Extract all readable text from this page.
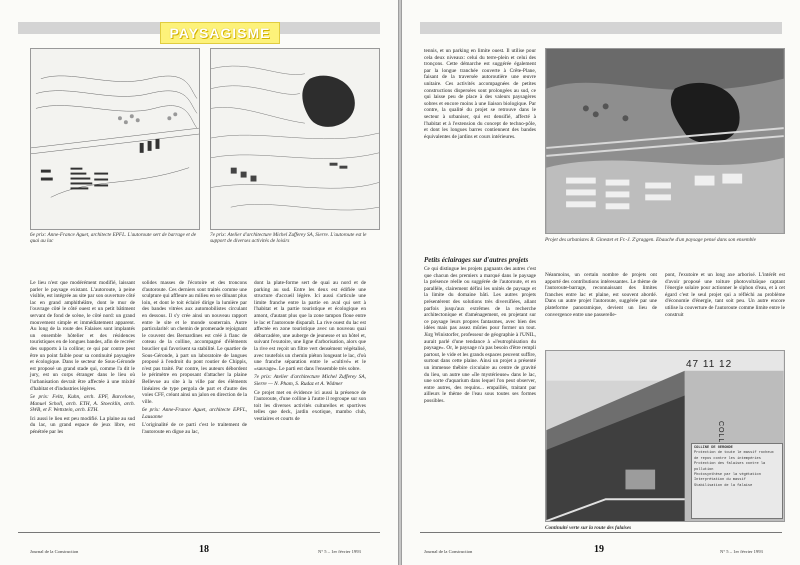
PAYSAGISME
6e prix: Anne-France Aguet, architecte EPFL. L'autoroute sert de barrage et de quai au lac
7e prix: Atelier d'architecture Michel Zufferey SA, Sierre. L'autoroute est le support de diverses activités de loisirs

Le lieu n'est que modérément modifié, laissant parler le paysage existant. L'autoroute, à peine visible, est intégrée au site par son ouverture côté lac en grand amphithéâtre, dont le mur de l'ouvrage côté le côté ouest et un petit bâtiment servant de fond de scène, le côté nord: un grand mouvement simple et immédiatement apparent. Au long de la route des Falaises sont implantés un ensemble hôtelier et des résidences touristiques en de longues bandes, afin de recréer des supports à la colline; ce qui par contre peut être un point faible pour sa continuité paysagère et écologique. Dans le secteur de Sous-Géronde est proposé un grand stade qui, comme l'a dit le jury, est un corps étranger dans le lieu où l'urbanisation devrait être affectée à une mixité d'habitat et d'industries légères.

5e prix: Feltz, Kuhn, arch. EPF, Barcelone, Manuel Scholl, arch. ETH, A. Stoecklin, arch. SWB, et F. Wettstein, arch. ETH.

Ici aussi le lieu est peu modifié. La plaine au sud du lac, un grand espace de jeux libre, est pénétrée par les

solides masses de l'écotoire et des troncons d'autoroute. Ces derniers sont traités comme une sculpture qui affleure au milieu en se diluant plus loin, et dont le toit éclairé dirige la lumière par des bandes vitrées aux automobilistes circulant en dessous. Il s'y crée ainsi un nouveau rapport entre le site et le monde souterrain. Autre particularité: un chemin de promenade rejoignant le couvent des Bernardines est créé à flanc de coteau de la colline, accompagné d'éléments bouclier qui favorisent sa stabilité. Le quartier de Sous-Géronde, à part un laboratoire de langues proposé à l'endroit du pont routier de Chippis, n'est pas traité. Par contre, les auteurs débordent le périmètre en proposant d'attacher la plaine Bellevue au site à la ville par des éléments linéaires de type pergola de part et d'autre des voies CFF, créant ainsi un jalon en direction de la ville.

6e prix: Anne-France Aguet, architecte EPFL, Lausanne

L'originalité de ce parti c'est le traitement de l'autoroute en digue au lac,

dont la plate-forme sert de quai au nord et de parking au sud. Entre les deux est édifiée une structure d'accueil légère. Ici aussi s'articule une limite franche entre la partie en aval qui sert à l'habitat et la partie touristique et écologique en amont, d'autant plus que la zone tampon floue entre le lac et l'autoroute disparaît. La rive ouest du lac est affectée en zone touristique avec un nouveau quai débarcadère, une auberge de jeunesse et un hôtel et, suivant l'exutoire, une ligne d'arborisation, alors que la rive est reçoit un filtre vert densément végétalisé, avec toutefois un chemin piéton longeant le lac, d'où une franche séparation entre le «cultivé» et le «sauvage». Le parti est dans l'ensemble très sobre.

7e prix: Atelier d'architecture Michel Zufferey SA, Sierre — N. Pham, S. Rudaz et A. Widmer

Ce projet met en évidence ici aussi la présence de l'autoroute, d'une colline à l'autre il regroupe sur son toit les diverses activités culturelles et sportives telles que deck, jardin exotique, mambo club, vestiaires et courts de

Journal de la Construction	18	N° 5 – 1er février 1993

tennis, et un parking en limite ouest. Il utilise pour cela deux niveaux: celui du terre-plein et celui des tronçons. Cette démarche est suggérée également par la longue tranchée couverte à Crête-Plane, faisant de la traversée autoroutière une œuvre unitaire. Ces activités accompagnées de petites constructions dispersées sont prolongées au sud, ce qui laisse peu de place à des valeurs paysagères sobres et encore moins à une liaison biologique. Par contre, la qualité du projet se retrouve dans le secteur à urbaniser, qui est densifié, affecté à l'habitat et à l'extension du concept de techno-pôle, et dont les longues barres contiennent des bandes équivalentes de jardins et cours intérieures.

Projet des urbanistes R. Ginestet et Fr.-J. Z'graggen. Ebauche d'un paysage pensé dans son ensemble
Petits éclairages sur d'autres projets

Ce qui distingue les projets gagnants des autres c'est que chacun des premiers a marqué dans le paysage la présence réelle ou suggérée de l'autoroute, et en parallèle, clairement défini les unités de paysage et la limite du domaine bâti. Les autres projets présentèrent des solutions très diversifiées, allant parfois jusqu'aux extrêmes de la recherche architectonique et d'aménagement, en projetant sur ce paysage leurs propres fantasmes, avec bien des idées mais pas assez mûries pour former un tout. Jürg Winistorfer, professeur de géographie à l'UNIL, aurait parlé d'une tendance à «l'eutrophisation du paysage». Or, le paysage n'a pas besoin d'être rempli partout, le vide et les grands espaces peuvent suffire, surtout dans cette plaine. Ainsi un projet a présenté un immense thébire circulaire au centre de gravité du lieu, un autre une «île mystérieuse» dans le lac, une sorte d'aquarium dans lequel l'on peut observer, entre autres, des requins... empaillés, traitant par ailleurs le thème de l'eau sous toutes ses formes possibles.

Néanmoins, un certain nombre de projets ont apporté des contributions intéressantes. Le thème de l'autoroute-barrage, reconnaissant des limites franches entre lac et plaine, est souvent abordé. Dans un autre projet l'autoroute, suggérée par une plateforme panoramique, devient un lieu de convergence entre une passerelle-

pont, l'exutoire et un long axe arborisé. L'intérêt est d'avoir proposé une toiture photovoltaïque captant l'énergie solaire pour actionner le siphon d'eau, et à cet égard c'est le seul projet qui a réfléchi au problème d'économie d'énergie, tant soit peu. Un autre encore utilise la couverture de l'autoroute comme limite entre le construit

47 11 12
COLLINE DE GERONDE
Protection de toute le massif rocheux
de repos contre les intempéries
Protection des falaises contre la pollution
Photosynthèse par la végétation
Interprétation du massif
Stabilisation de la falaise
Continuité verte sur la route des falaises
Journal de la Construction	19	N° 5 – 1er février 1993
